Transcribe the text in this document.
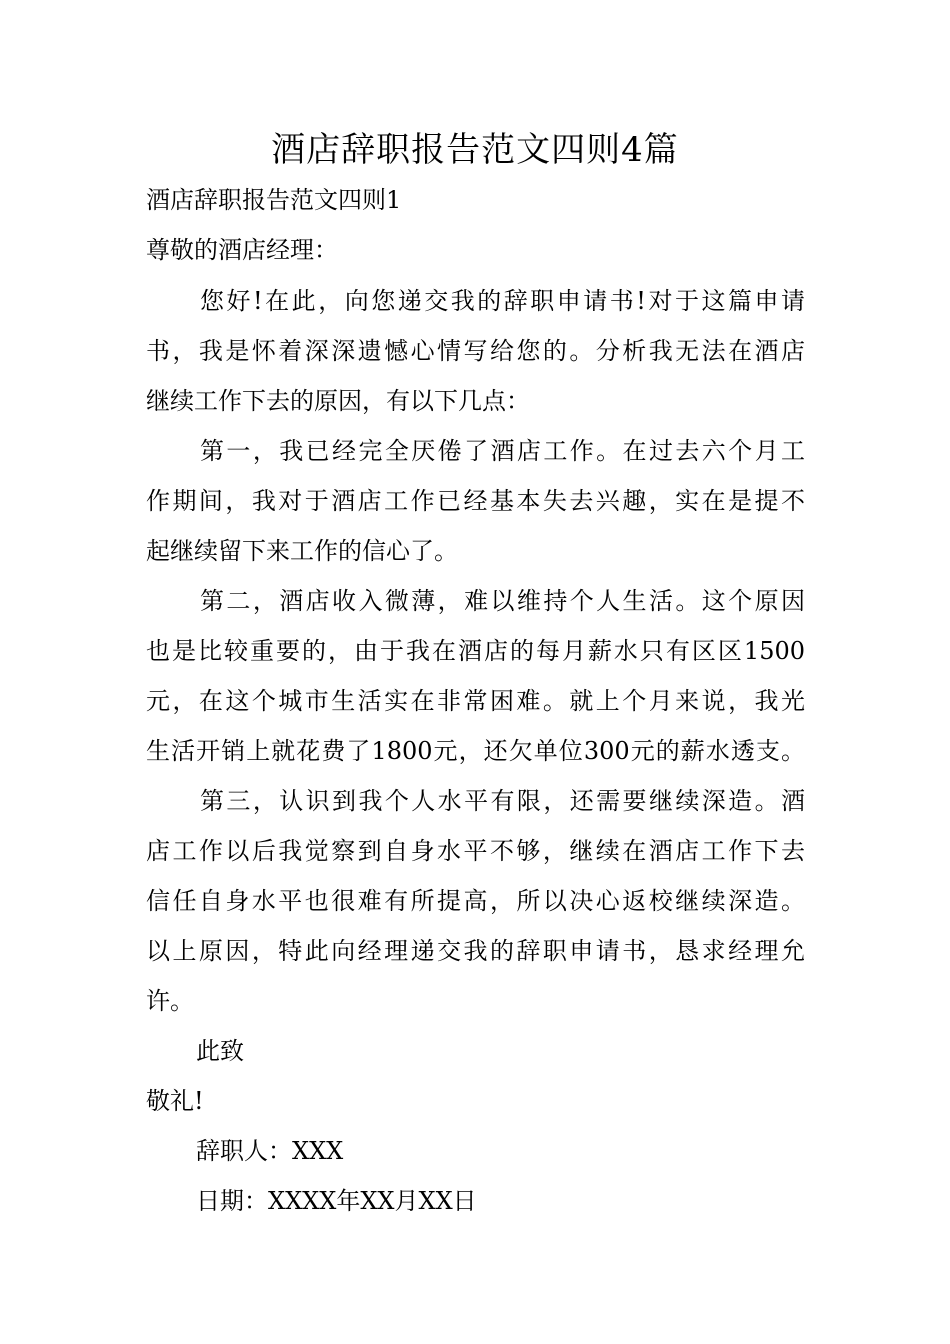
酒店辞职报告范文四则4篇
酒店辞职报告范文四则1
尊敬的酒店经理：
您好!在此，向您递交我的辞职申请书!对于这篇申请
书，我是怀着深深遗憾心情写给您的。分析我无法在酒店
继续工作下去的原因，有以下几点：
第一，我已经完全厌倦了酒店工作。在过去六个月工
作期间，我对于酒店工作已经基本失去兴趣，实在是提不
起继续留下来工作的信心了。
第二，酒店收入微薄，难以维持个人生活。这个原因
也是比较重要的，由于我在酒店的每月薪水只有区区1500
元，在这个城市生活实在非常困难。就上个月来说，我光
生活开销上就花费了1800元，还欠单位300元的薪水透支。
第三，认识到我个人水平有限，还需要继续深造。酒
店工作以后我觉察到自身水平不够，继续在酒店工作下去
信任自身水平也很难有所提高，所以决心返校继续深造。
以上原因，特此向经理递交我的辞职申请书，恳求经理允
许。
此致
敬礼!
辞职人：XXX
日期：XXXX年XX月XX日
